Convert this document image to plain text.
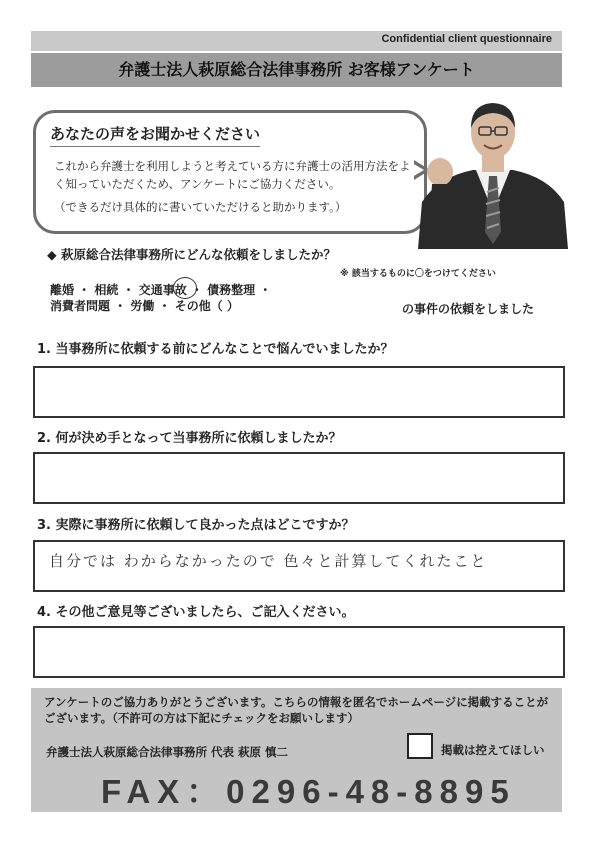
Confidential client questionnaire
弁護士法人萩原総合法律事務所 お客様アンケート
あなたの声をお聞かせください
これから弁護士を利用しようと考えている方に弁護士の活用方法をよく知っていただくため、アンケートにご協力ください。
（できるだけ具体的に書いていただけると助かります。）
◆ 萩原総合法律事務所にどんな依頼をしましたか？
※ 該当するものに〇をつけてください
離婚 ・ 相続 ・ 交通事故 ・ 債務整理 ・
消費者問題 ・ 労働 ・ その他（ ）	の事件の依頼をしました
1. 当事務所に依頼する前にどんなことで悩んでいましたか？
2. 何が決め手となって当事務所に依頼しましたか？
3. 実際に事務所に依頼して良かった点はどこですか？
自分では わからなかったので 色々と計算してくれたこと
4. その他ご意見等ございましたら、ご記入ください。
アンケートのご協力ありがとうございます。こちらの情報を匿名でホームページに掲載することがございます。（不許可の方は下記にチェックをお願いします）
弁護士法人萩原総合法律事務所 代表 萩原 慎二	掲載は控えてほしい
FAX：0296-48-8895
